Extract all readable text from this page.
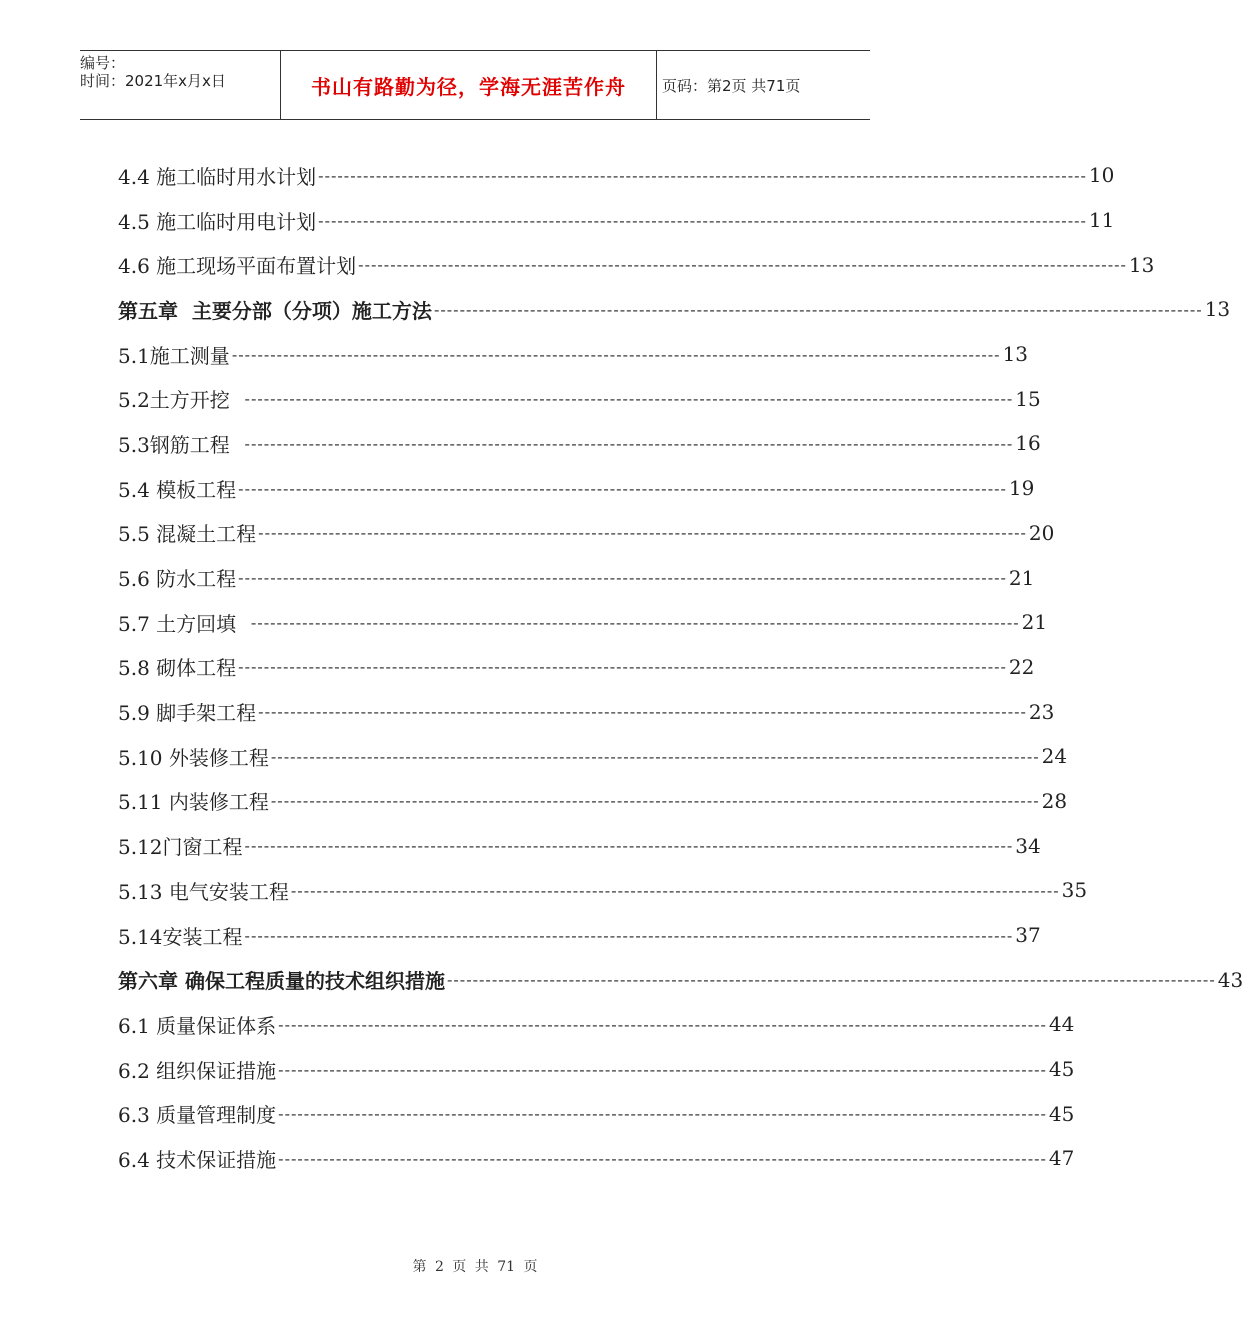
编号：
时间：2021年x月x日	书山有路勤为径，学海无涯苦作舟 页码：第2页 共71页
4.4 施工临时用水计划 ------------------------------------------------------------------------------------------------------------------------ 10
4.5 施工临时用电计划 ------------------------------------------------------------------------------------------------------------------------ 11
4.6 施工现场平面布置计划 ------------------------------------------------------------------------------------------------------------------------ 13
第五章  主要分部（分项）施工方法 ------------------------------------------------------------------------------------------------------------------------ 13
5.1施工测量 ------------------------------------------------------------------------------------------------------------------------ 13
5.2土方开挖 ------------------------------------------------------------------------------------------------------------------------ 15
5.3钢筋工程 ------------------------------------------------------------------------------------------------------------------------ 16
5.4 模板工程 ------------------------------------------------------------------------------------------------------------------------ 19
5.5 混凝土工程 ------------------------------------------------------------------------------------------------------------------------ 20
5.6 防水工程 ------------------------------------------------------------------------------------------------------------------------ 21
5.7 土方回填 ------------------------------------------------------------------------------------------------------------------------ 21
5.8 砌体工程 ------------------------------------------------------------------------------------------------------------------------ 22
5.9 脚手架工程 ------------------------------------------------------------------------------------------------------------------------ 23
5.10 外装修工程 ------------------------------------------------------------------------------------------------------------------------ 24
5.11 内装修工程 ------------------------------------------------------------------------------------------------------------------------ 28
5.12门窗工程 ------------------------------------------------------------------------------------------------------------------------ 34
5.13 电气安装工程 ------------------------------------------------------------------------------------------------------------------------ 35
5.14安装工程 ------------------------------------------------------------------------------------------------------------------------ 37
第六章 确保工程质量的技术组织措施 ------------------------------------------------------------------------------------------------------------------------ 43
6.1 质量保证体系 ------------------------------------------------------------------------------------------------------------------------ 44
6.2 组织保证措施 ------------------------------------------------------------------------------------------------------------------------ 45
6.3 质量管理制度 ------------------------------------------------------------------------------------------------------------------------ 45
6.4 技术保证措施 ------------------------------------------------------------------------------------------------------------------------ 47
第 2 页 共 71 页
